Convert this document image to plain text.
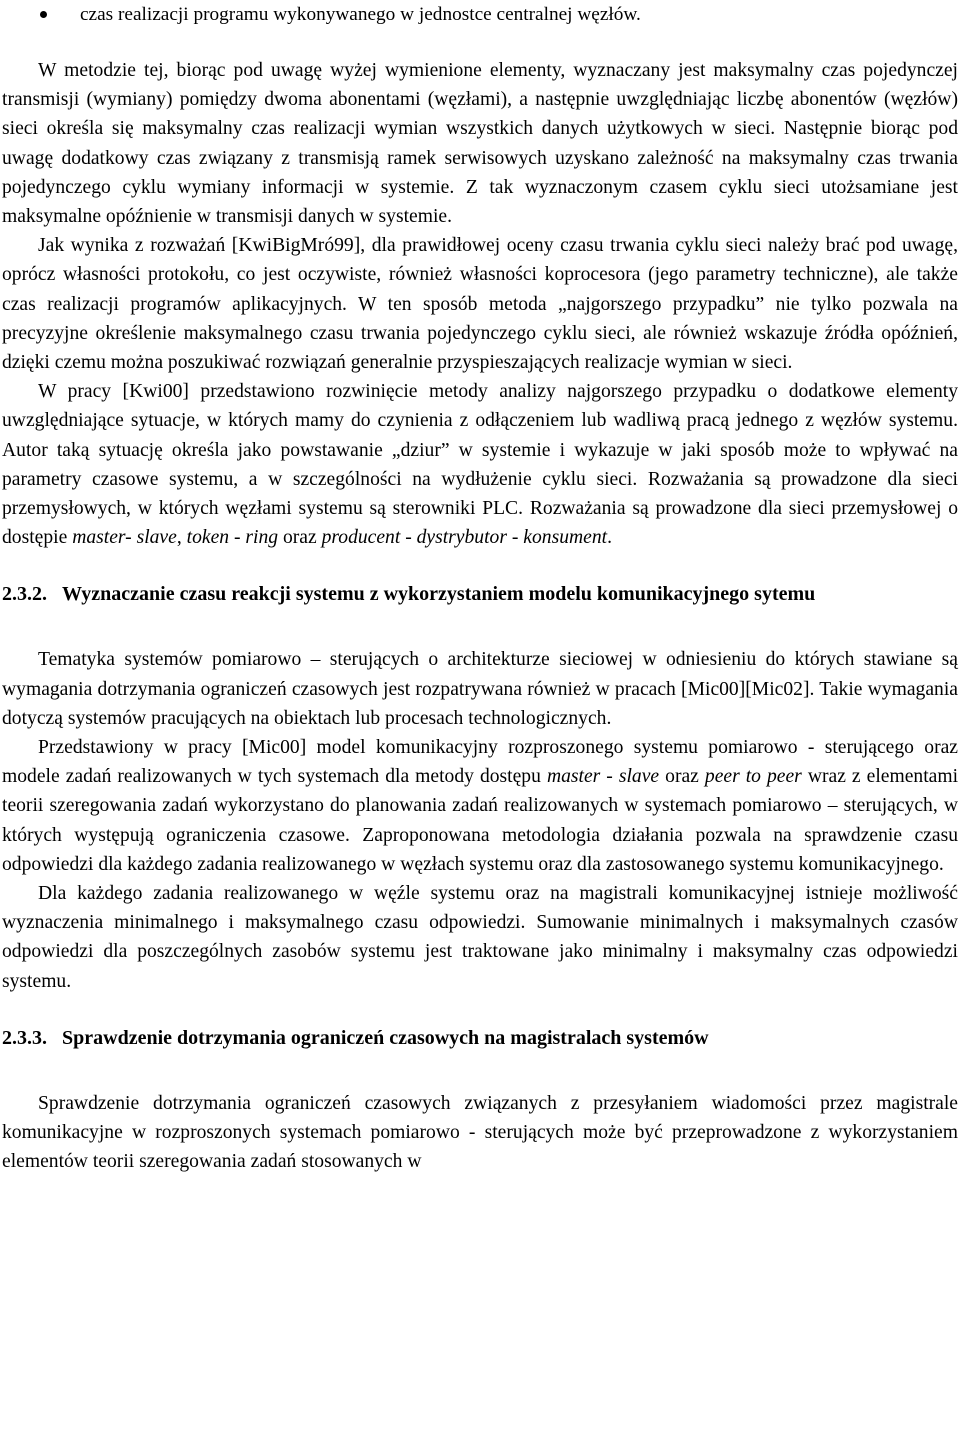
czas realizacji programu wykonywanego w jednostce centralnej węzłów.

W metodzie tej, biorąc pod uwagę wyżej wymienione elementy, wyznaczany jest maksymalny czas pojedynczej transmisji (wymiany) pomiędzy dwoma abonentami (węzłami), a następnie uwzględniając liczbę abonentów (węzłów) sieci określa się maksymalny czas realizacji wymian wszystkich danych użytkowych w sieci. Następnie biorąc pod uwagę dodatkowy czas związany z transmisją ramek serwisowych uzyskano zależność na maksymalny czas trwania pojedynczego cyklu wymiany informacji w systemie. Z tak wyznaczonym czasem cyklu sieci utożsamiane jest maksymalne opóźnienie w transmisji danych w systemie.

Jak wynika z rozważań [KwiBigMró99], dla prawidłowej oceny czasu trwania cyklu sieci należy brać pod uwagę, oprócz własności protokołu, co jest oczywiste, również własności koprocesora (jego parametry techniczne), ale także czas realizacji programów aplikacyjnych. W ten sposób metoda „najgorszego przypadku” nie tylko pozwala na precyzyjne określenie maksymalnego czasu trwania pojedynczego cyklu sieci, ale również wskazuje źródła opóźnień, dzięki czemu można poszukiwać rozwiązań generalnie przyspieszających realizacje wymian w sieci.

W pracy [Kwi00] przedstawiono rozwinięcie metody analizy najgorszego przypadku o dodatkowe elementy uwzględniające sytuacje, w których mamy do czynienia z odłączeniem lub wadliwą pracą jednego z węzłów systemu. Autor taką sytuację określa jako powstawanie „dziur” w systemie i wykazuje w jaki sposób może to wpływać na parametry czasowe systemu, a w szczególności na wydłużenie cyklu sieci. Rozważania są prowadzone dla sieci przemysłowych, w których węzłami systemu są sterowniki PLC. Rozważania są prowadzone dla sieci przemysłowej o dostępie master- slave, token - ring oraz producent - dystrybutor - konsument.

2.3.2. Wyznaczanie czasu reakcji systemu z wykorzystaniem modelu komunikacyjnego sytemu

Tematyka systemów pomiarowo – sterujących o architekturze sieciowej w odniesieniu do których stawiane są wymagania dotrzymania ograniczeń czasowych jest rozpatrywana również w pracach [Mic00][Mic02]. Takie wymagania dotyczą systemów pracujących na obiektach lub procesach technologicznych.

Przedstawiony w pracy [Mic00] model komunikacyjny rozproszonego systemu pomiarowo - sterującego oraz modele zadań realizowanych w tych systemach dla metody dostępu master - slave oraz peer to peer wraz z elementami teorii szeregowania zadań wykorzystano do planowania zadań realizowanych w systemach pomiarowo – sterujących, w których występują ograniczenia czasowe. Zaproponowana metodologia działania pozwala na sprawdzenie czasu odpowiedzi dla każdego zadania realizowanego w węzłach systemu oraz dla zastosowanego systemu komunikacyjnego.

Dla każdego zadania realizowanego w węźle systemu oraz na magistrali komunikacyjnej istnieje możliwość wyznaczenia minimalnego i maksymalnego czasu odpowiedzi. Sumowanie minimalnych i maksymalnych czasów odpowiedzi dla poszczególnych zasobów systemu jest traktowane jako minimalny i maksymalny czas odpowiedzi systemu.

2.3.3. Sprawdzenie dotrzymania ograniczeń czasowych na magistralach systemów

Sprawdzenie dotrzymania ograniczeń czasowych związanych z przesyłaniem wiadomości przez magistrale komunikacyjne w rozproszonych systemach pomiarowo - sterujących może być przeprowadzone z wykorzystaniem elementów teorii szeregowania zadań stosowanych w
